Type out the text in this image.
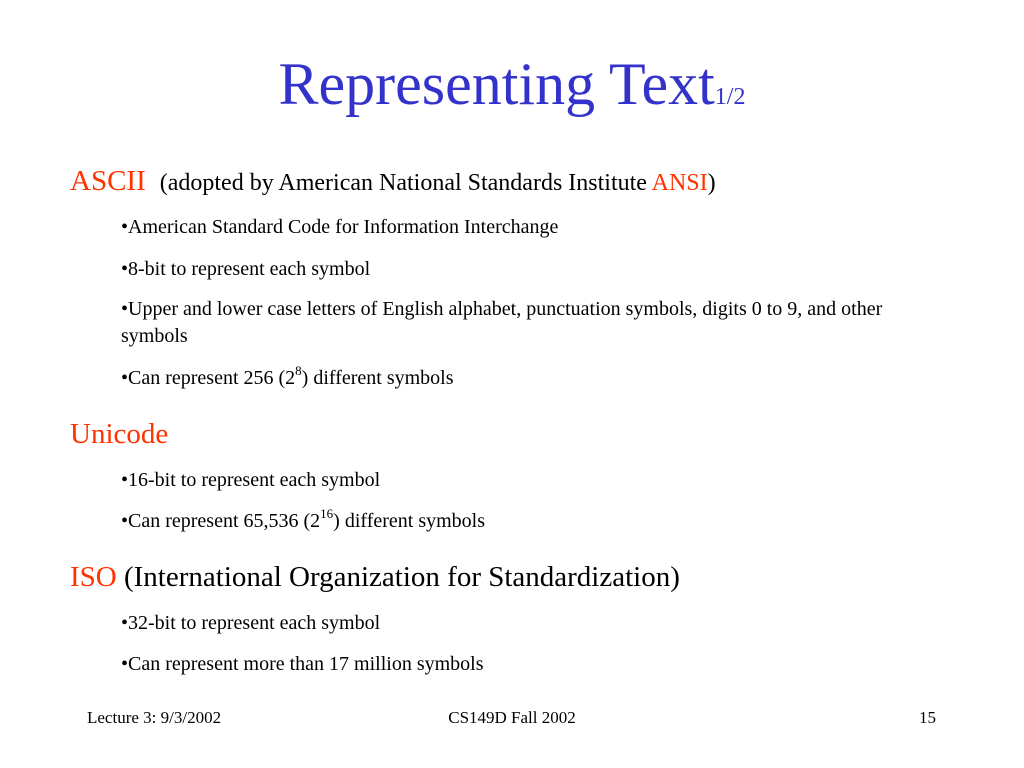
Representing Text1/2
ASCII (adopted by American National Standards Institute ANSI)
•American Standard Code for Information Interchange
•8-bit to represent each symbol
•Upper and lower case letters of English alphabet, punctuation symbols, digits 0 to 9, and other symbols
•Can represent 256 $(2^8)$ different symbols
Unicode
•16-bit to represent each symbol
•Can represent 65,536 $(2^{16})$ different symbols
ISO (International Organization for Standardization)
•32-bit to represent each symbol
•Can represent more than 17 million symbols
Lecture 3: 9/3/2002	CS149D Fall 2002	15
